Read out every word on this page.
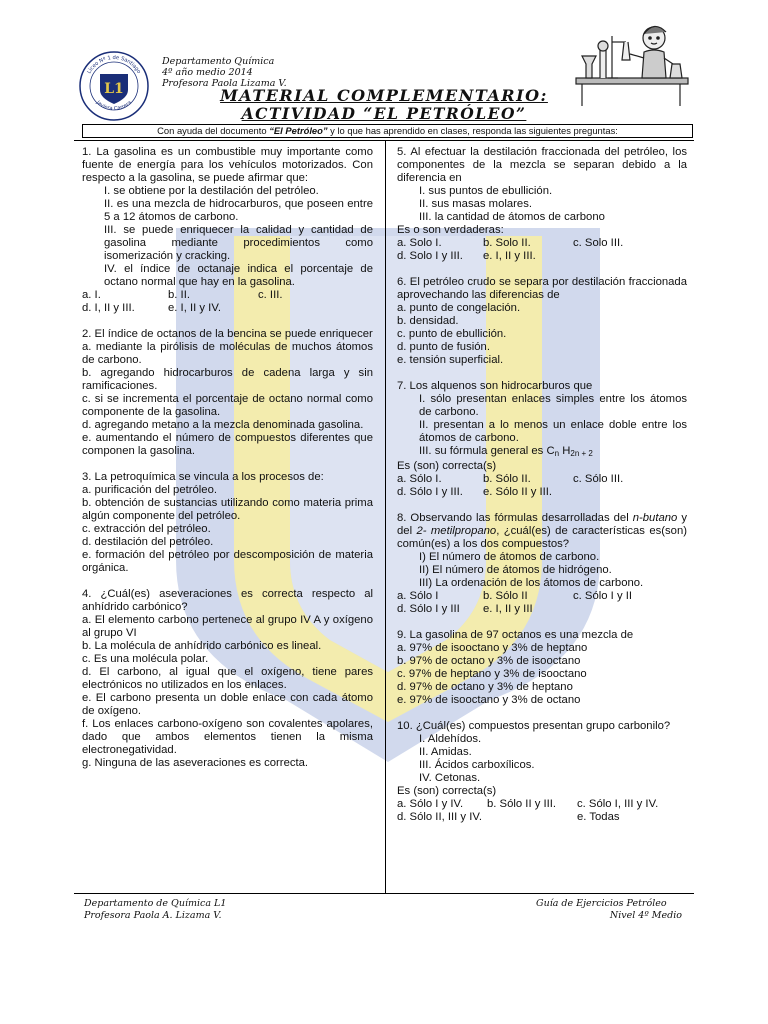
Liceo Nº 1 de Santiago
Javiera Carrera
L1
Departamento Química
4º año medio 2014
Profesora Paola Lizama V.
MATERIAL COMPLEMENTARIO:
ACTIVIDAD “EL PETRÓLEO”
Con ayuda del documento “El Petróleo” y lo que has aprendido en clases, responda las siguientes preguntas:

1. La gasolina es un combustible muy importante como fuente de energía para los vehículos motorizados. Con respecto a la gasolina, se puede afirmar que:

I. se obtiene por la destilación del petróleo.

II. es una mezcla de hidrocarburos, que poseen entre 5 a 12 átomos de carbono.

III. se puede enriquecer la calidad y cantidad de gasolina mediante procedimientos como isomerización y cracking.

IV. el índice de octanaje indica el porcentaje de octano normal que hay en la gasolina.

a. I.	b. II.	c. III.
d. I, II y III.	e. I, II y IV.

2. El índice de octanos de la bencina se puede enriquecer

a. mediante la pirólisis de moléculas de muchos átomos de carbono.

b. agregando hidrocarburos de cadena larga y sin ramificaciones.

c. si se incrementa el porcentaje de octano normal como componente de la gasolina.

d. agregando metano a la mezcla denominada gasolina.

e. aumentando el número de compuestos diferentes que componen la gasolina.

3. La petroquímica se vincula a los procesos de:

a. purificación del petróleo.

b. obtención de sustancias utilizando como materia prima algún componente del petróleo.

c. extracción del petróleo.

d. destilación del petróleo.

e. formación del petróleo por descomposición de materia orgánica.

4. ¿Cuál(es) aseveraciones es correcta respecto al anhídrido carbónico?

a. El elemento carbono pertenece al grupo IV A y oxígeno al grupo VI

b. La molécula de anhídrido carbónico es lineal.

c. Es una molécula polar.

d. El carbono, al igual que el oxígeno, tiene pares electrónicos no utilizados en los enlaces.

e. El carbono presenta un doble enlace con cada átomo de oxígeno.

f. Los enlaces carbono-oxígeno son covalentes apolares, dado que ambos elementos tienen la misma electronegatividad.

g. Ninguna de las aseveraciones es correcta.

5. Al efectuar la destilación fraccionada del petróleo, los componentes de la mezcla se separan debido a la diferencia en

I. sus puntos de ebullición.

II. sus masas molares.

III. la cantidad de átomos de carbono

Es o son verdaderas:

a. Solo I.	b. Solo II.	c. Solo III.
d. Solo I y III.	e. I, II y III.

6. El petróleo crudo se separa por destilación fraccionada aprovechando las diferencias de

a. punto de congelación.

b. densidad.

c. punto de ebullición.

d. punto de fusión.

e. tensión superficial.

7. Los alquenos son hidrocarburos que

I. sólo presentan enlaces simples entre los átomos de carbono.

II. presentan a lo menos un enlace doble entre los átomos de carbono.

III. su fórmula general es $C_n$ $H_{2n + 2}$

Es (son) correcta(s)

a. Sólo I.	b. Sólo II.	c. Sólo III.
d. Sólo I y III.	e. Sólo II y III.

8. Observando las fórmulas desarrolladas del n-butano y del 2- metilpropano, ¿cuál(es) de características es(son) común(es) a los dos compuestos?

I) El número de átomos de carbono.

II) El número de átomos de hidrógeno.

III) La ordenación de los átomos de carbono.

a. Sólo I	b. Sólo II	c. Sólo I y II
d. Sólo I y III	e. I, II y III

9. La gasolina de 97 octanos es una mezcla de

a. 97% de isooctano y 3% de heptano

b. 97% de octano y 3% de isooctano

c. 97% de heptano y 3% de isooctano

d. 97% de octano y 3% de heptano

e. 97% de isooctano y 3% de octano

10. ¿Cuál(es) compuestos presentan grupo carbonilo?

I. Aldehídos.

II. Amidas.

III. Ácidos carboxílicos.

IV. Cetonas.

Es (son) correcta(s)

a. Sólo I y IV.	b. Sólo II y III.	c. Sólo I, III y IV.
d. Sólo II, III y IV.	e. Todas
Departamento de Química L1
Profesora Paola A. Lizama V.
Guía de Ejercicios Petróleo
Nivel 4º Medio
